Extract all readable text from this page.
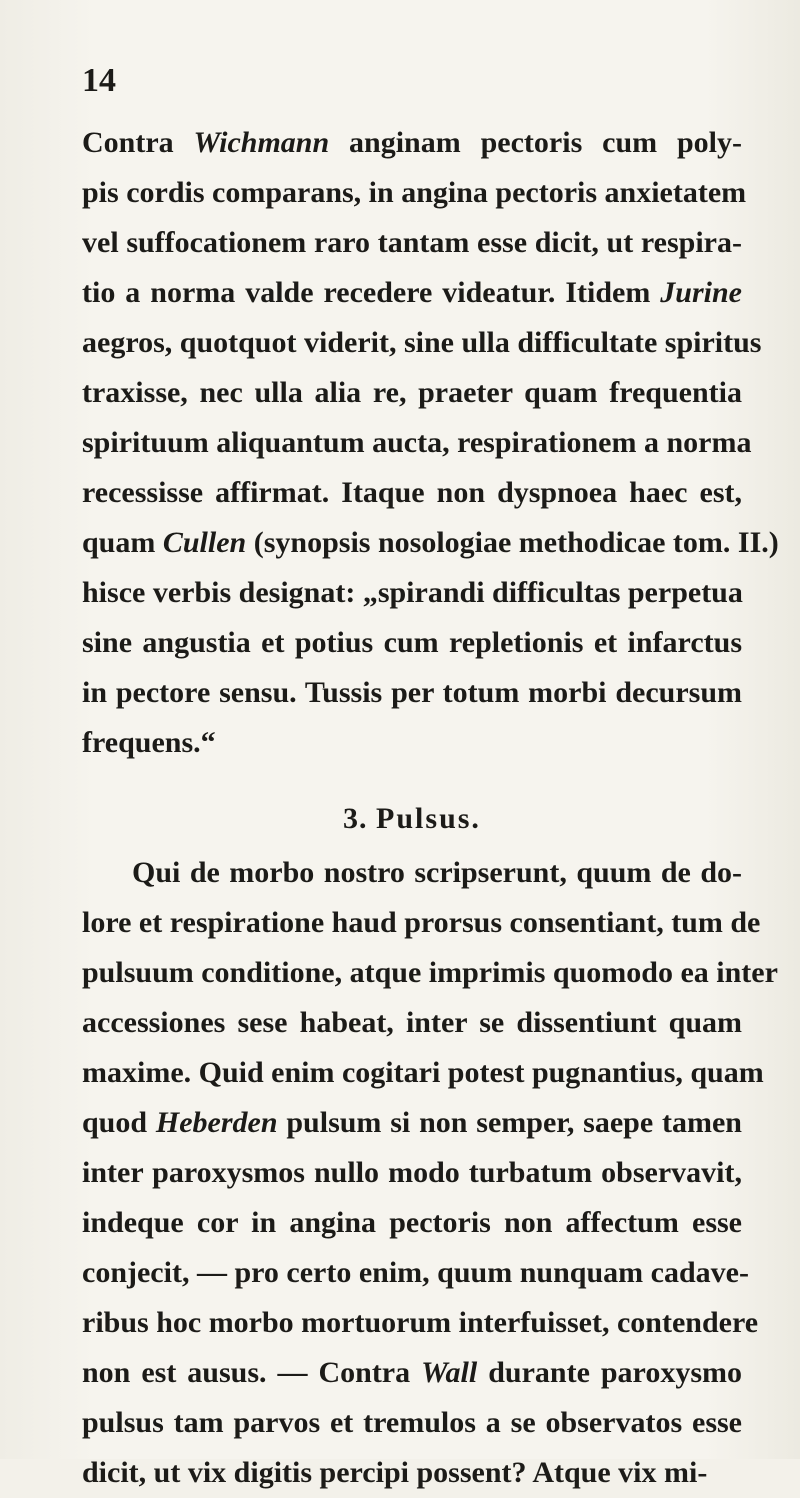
14
Contra Wichmann anginam pectoris cum poly-
pis cordis comparans, in angina pectoris anxietatem
vel suffocationem raro tantam esse dicit, ut respira-
tio a norma valde recedere videatur. Itidem Jurine
aegros, quotquot viderit, sine ulla difficultate spiritus
traxisse, nec ulla alia re, praeter quam frequentia
spirituum aliquantum aucta, respirationem a norma
recessisse affirmat. Itaque non dyspnoea haec est,
quam Cullen (synopsis nosologiae methodicae tom. II.)
hisce verbis designat: „spirandi difficultas perpetua
sine angustia et potius cum repletionis et infarctus
in pectore sensu. Tussis per totum morbi decursum
frequens.“
3. Pulsus.
Qui de morbo nostro scripserunt, quum de do-
lore et respiratione haud prorsus consentiant, tum de
pulsuum conditione, atque imprimis quomodo ea inter
accessiones sese habeat, inter se dissentiunt quam
maxime. Quid enim cogitari potest pugnantius, quam
quod Heberden pulsum si non semper, saepe tamen
inter paroxysmos nullo modo turbatum observavit,
indeque cor in angina pectoris non affectum esse
conjecit, — pro certo enim, quum nunquam cadave-
ribus hoc morbo mortuorum interfuisset, contendere
non est ausus. — Contra Wall durante paroxysmo
pulsus tam parvos et tremulos a se observatos esse
dicit, ut vix digitis percipi possent? Atque vix mi-
